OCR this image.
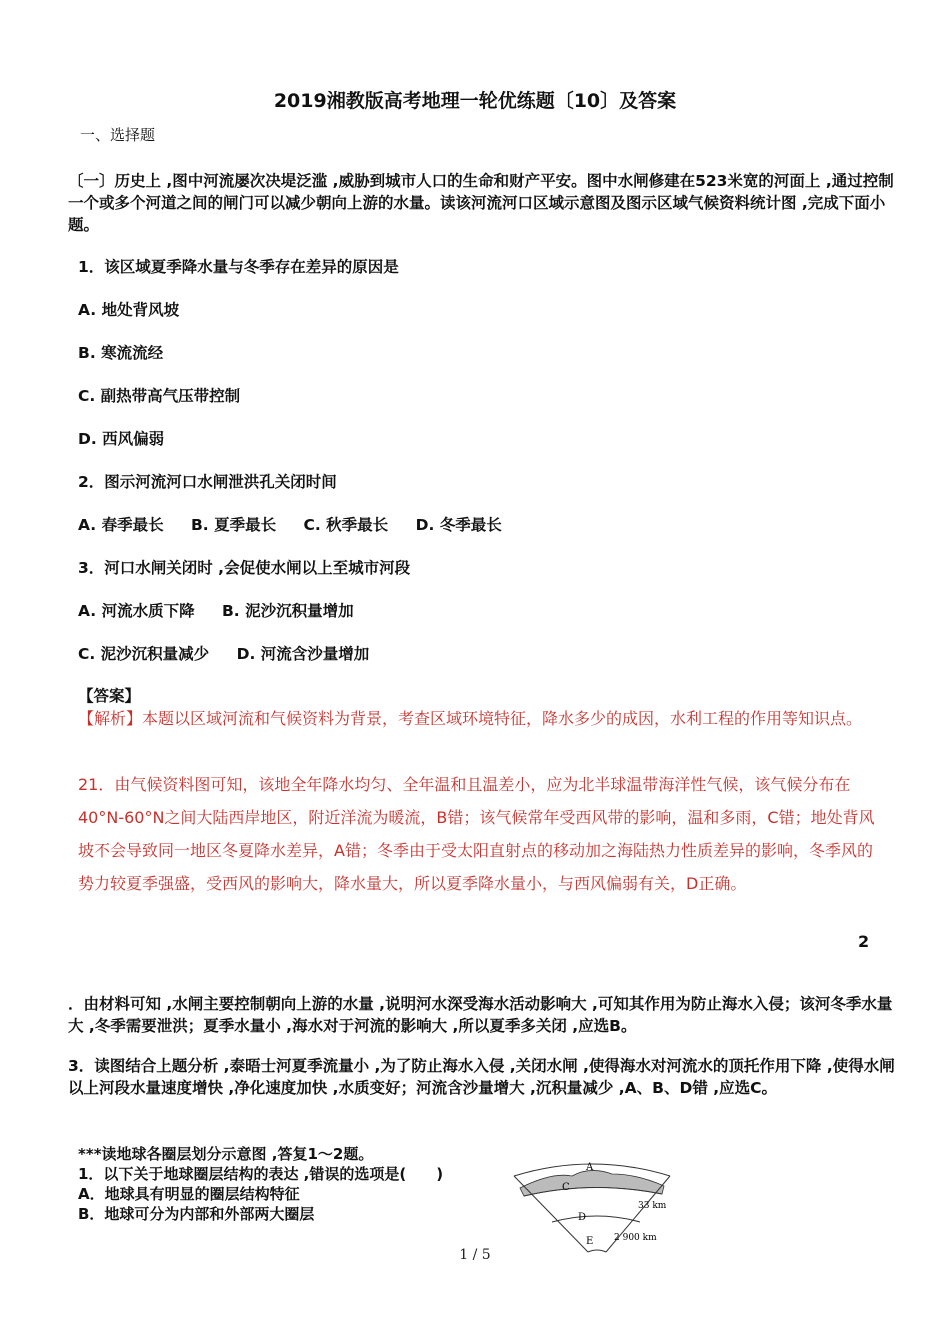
2019湘教版高考地理一轮优练题〔10〕及答案
一、选择题
〔一〕历史上 ,图中河流屡次决堤泛滥 ,威胁到城市人口的生命和财产平安。图中水闸修建在523米宽的河面上 ,通过控制一个或多个河道之间的闸门可以减少朝向上游的水量。读该河流河口区域示意图及图示区域气候资料统计图 ,完成下面小题。
1．该区域夏季降水量与冬季存在差异的原因是
A. 地处背风坡
B. 寒流流经
C. 副热带高气压带控制
D. 西风偏弱
2．图示河流河口水闸泄洪孔关闭时间
A. 春季最长 B. 夏季最长 C. 秋季最长 D. 冬季最长
3．河口水闸关闭时 ,会促使水闸以上至城市河段
A. 河流水质下降 B. 泥沙沉积量增加
C. 泥沙沉积量减少 D. 河流含沙量增加
【答案】
【解析】本题以区域河流和气候资料为背景，考查区域环境特征，降水多少的成因，水利工程的作用等知识点。
21．由气候资料图可知，该地全年降水均匀、全年温和且温差小，应为北半球温带海洋性气候，该气候分布在40°N-60°N之间大陆西岸地区，附近洋流为暖流，B错；该气候常年受西风带的影响，温和多雨，C错；地处背风坡不会导致同一地区冬夏降水差异，A错；冬季由于受太阳直射点的移动加之海陆热力性质差异的影响，冬季风的势力较夏季强盛，受西风的影响大，降水量大，所以夏季降水量小，与西风偏弱有关，D正确。
2
．由材料可知 ,水闸主要控制朝向上游的水量 ,说明河水深受海水活动影响大 ,可知其作用为防止海水入侵；该河冬季水量大 ,冬季需要泄洪；夏季水量小 ,海水对于河流的影响大 ,所以夏季多关闭 ,应选B。
3．读图结合上题分析 ,泰晤士河夏季流量小 ,为了防止海水入侵 ,关闭水闸 ,使得海水对河流水的顶托作用下降 ,使得水闸以上河段水量速度增快 ,净化速度加快 ,水质变好；河流含沙量增大 ,沉积量减少 ,A、B、D错 ,应选C。
***读地球各圈层划分示意图 ,答复1～2题。
1．以下关于地球圈层结构的表达 ,错误的选项是(　　)
A．地球具有明显的圈层结构特征
B．地球可分为内部和外部两大圈层
A
C
D
E
33 km
2 900 km
1 / 5
